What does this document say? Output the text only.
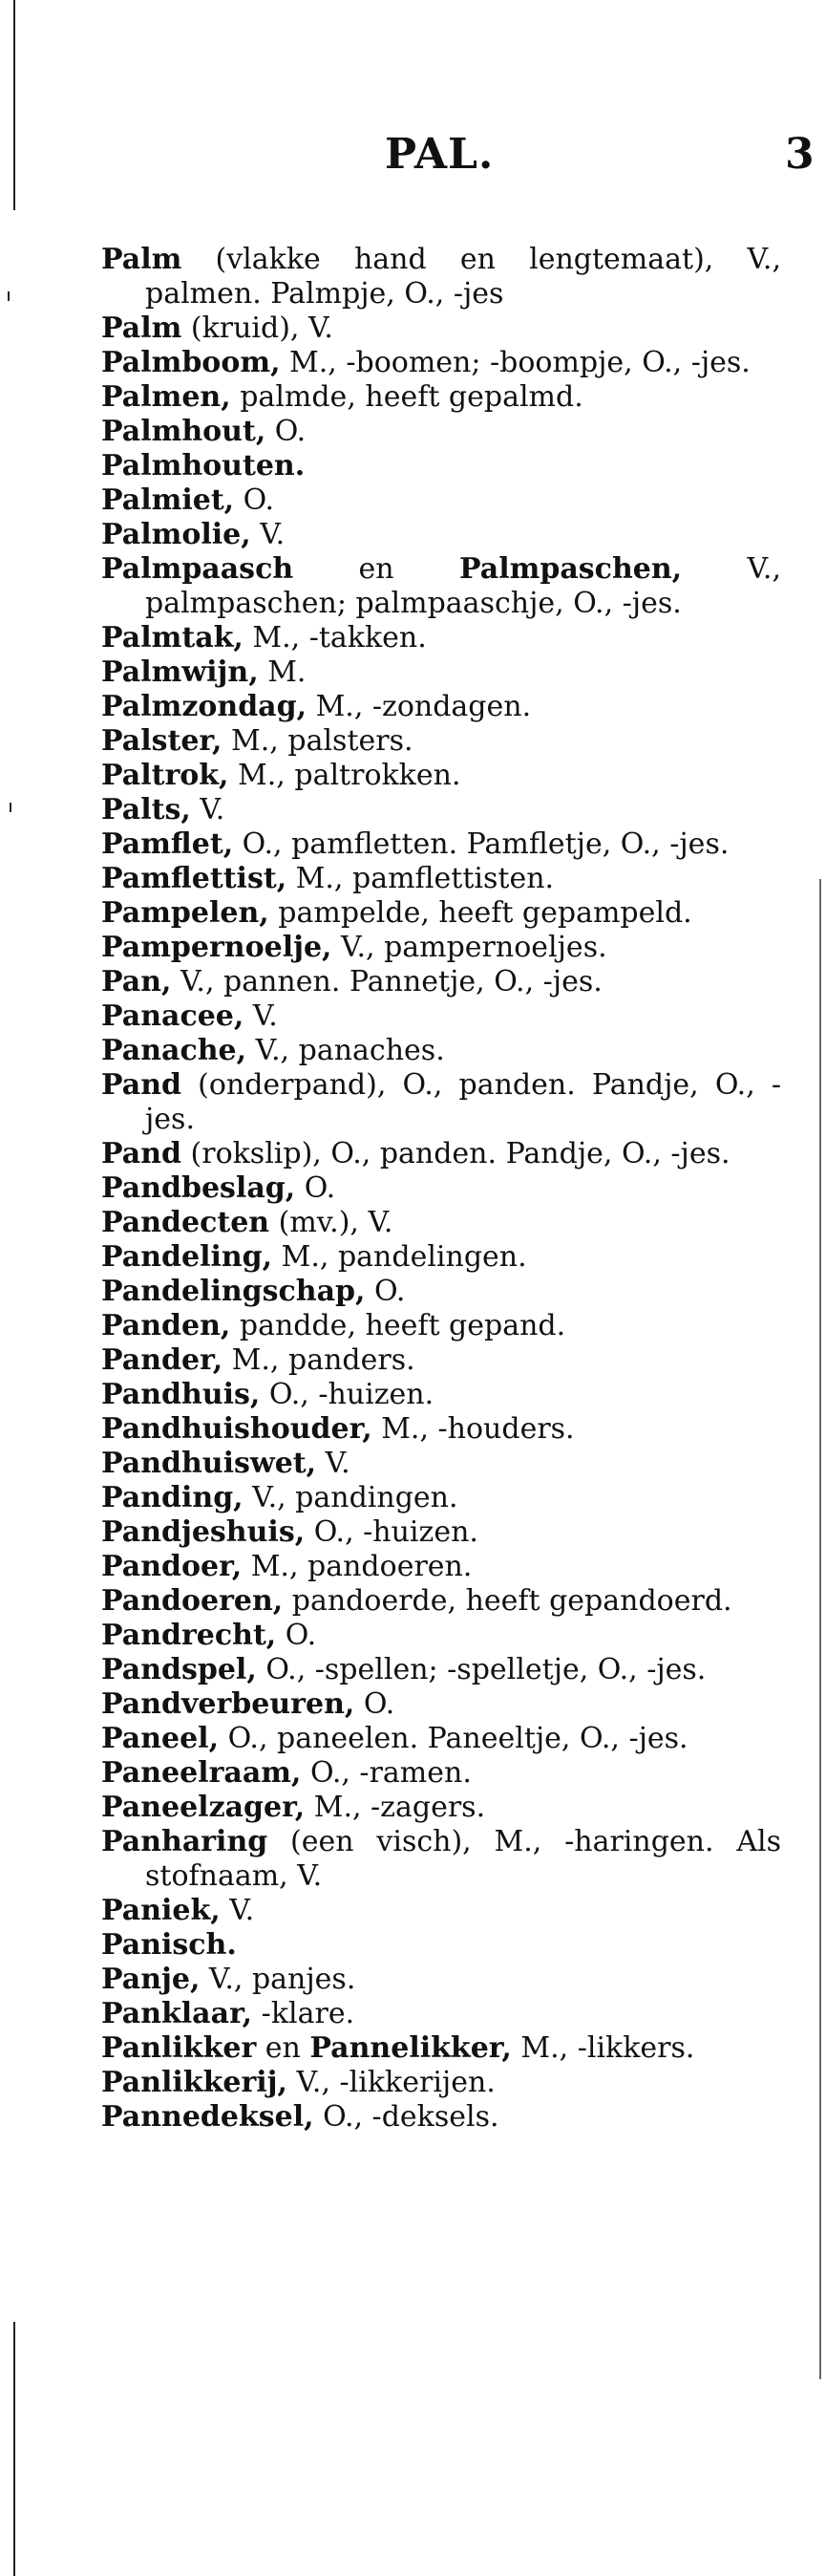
PAL.	3

Palm (vlakke hand en lengtemaat), V., palmen. Palmpje, O., -jes

Palm (kruid), V.

Palmboom, M., -boomen; -boompje, O., -jes.

Palmen, palmde, heeft gepalmd.

Palmhout, O.

Palmhouten.

Palmiet, O.

Palmolie, V.

Palmpaasch en Palmpaschen, V., palmpaschen; palmpaaschje, O., -jes.

Palmtak, M., -takken.

Palmwijn, M.

Palmzondag, M., -zondagen.

Palster, M., palsters.

Paltrok, M., paltrokken.

Palts, V.

Pamflet, O., pamfletten. Pamfletje, O., -jes.

Pamflettist, M., pamflettisten.

Pampelen, pampelde, heeft gepampeld.

Pampernoelje, V., pampernoeljes.

Pan, V., pannen. Pannetje, O., -jes.

Panacee, V.

Panache, V., panaches.

Pand (onderpand), O., panden. Pandje, O., -jes.

Pand (rokslip), O., panden. Pandje, O., -jes.

Pandbeslag, O.

Pandecten (mv.), V.

Pandeling, M., pandelingen.

Pandelingschap, O.

Panden, pandde, heeft gepand.

Pander, M., panders.

Pandhuis, O., -huizen.

Pandhuishouder, M., -houders.

Pandhuiswet, V.

Panding, V., pandingen.

Pandjeshuis, O., -huizen.

Pandoer, M., pandoeren.

Pandoeren, pandoerde, heeft gepandoerd.

Pandrecht, O.

Pandspel, O., -spellen; -spelletje, O., -jes.

Pandverbeuren, O.

Paneel, O., paneelen. Paneeltje, O., -jes.

Paneelraam, O., -ramen.

Paneelzager, M., -zagers.

Panharing (een visch), M., -haringen. Als stofnaam, V.

Paniek, V.

Panisch.

Panje, V., panjes.

Panklaar, -klare.

Panlikker en Pannelikker, M., -likkers.

Panlikkerij, V., -likkerijen.

Pannedeksel, O., -deksels.
